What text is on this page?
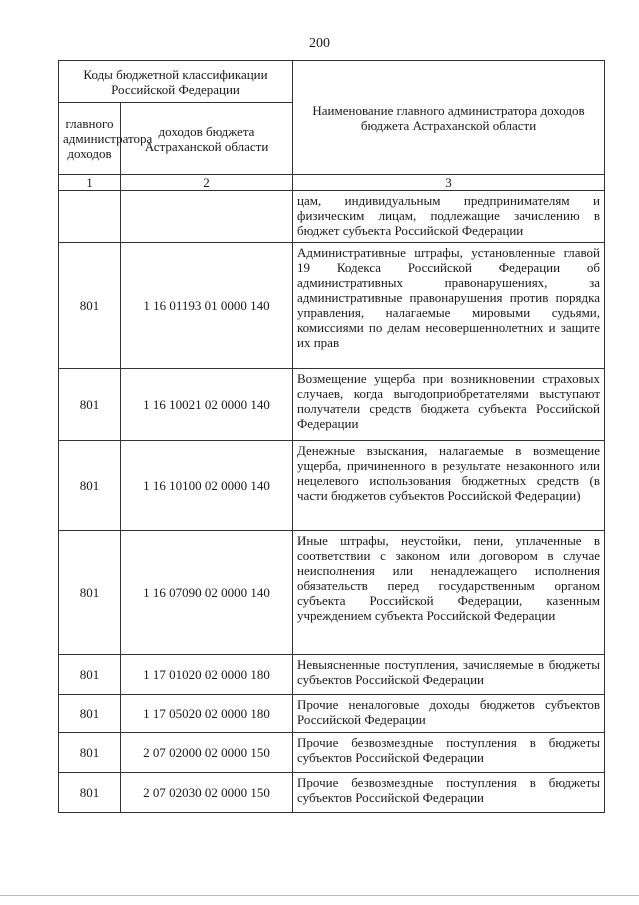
200
Коды бюджетной классификации Российской Федерации		Наименование главного администратора доходов бюджета Астраханской области
главного администратора доходов	доходов бюджета Астраханской области	
1	2	3
		цам, индивидуальным предпринимателям и физическим лицам, подлежащие зачислению в бюджет субъекта Российской Федерации
801	1 16 01193 01 0000 140	Административные штрафы, установленные главой 19 Кодекса Российской Федерации об административных правонарушениях, за административные правонарушения против порядка управления, налагаемые мировыми судьями, комиссиями по делам несовершеннолетних и защите их прав
801	1 16 10021 02 0000 140	Возмещение ущерба при возникновении страховых случаев, когда выгодоприобретателями выступают получатели средств бюджета субъекта Российской Федерации
801	1 16 10100 02 0000 140	Денежные взыскания, налагаемые в возмещение ущерба, причиненного в результате незаконного или нецелевого использования бюджетных средств (в части бюджетов субъектов Российской Федерации)
801	1 16 07090 02 0000 140	Иные штрафы, неустойки, пени, уплаченные в соответствии с законом или договором в случае неисполнения или ненадлежащего исполнения обязательств перед государственным органом субъекта Российской Федерации, казенным учреждением субъекта Российской Федерации
801	1 17 01020 02 0000 180	Невыясненные поступления, зачисляемые в бюджеты субъектов Российской Федерации
801	1 17 05020 02 0000 180	Прочие неналоговые доходы бюджетов субъектов Российской Федерации
801	2 07 02000 02 0000 150	Прочие безвозмездные поступления в бюджеты субъектов Российской Федерации
801	2 07 02030 02 0000 150	Прочие безвозмездные поступления в бюджеты субъектов Российской Федерации
